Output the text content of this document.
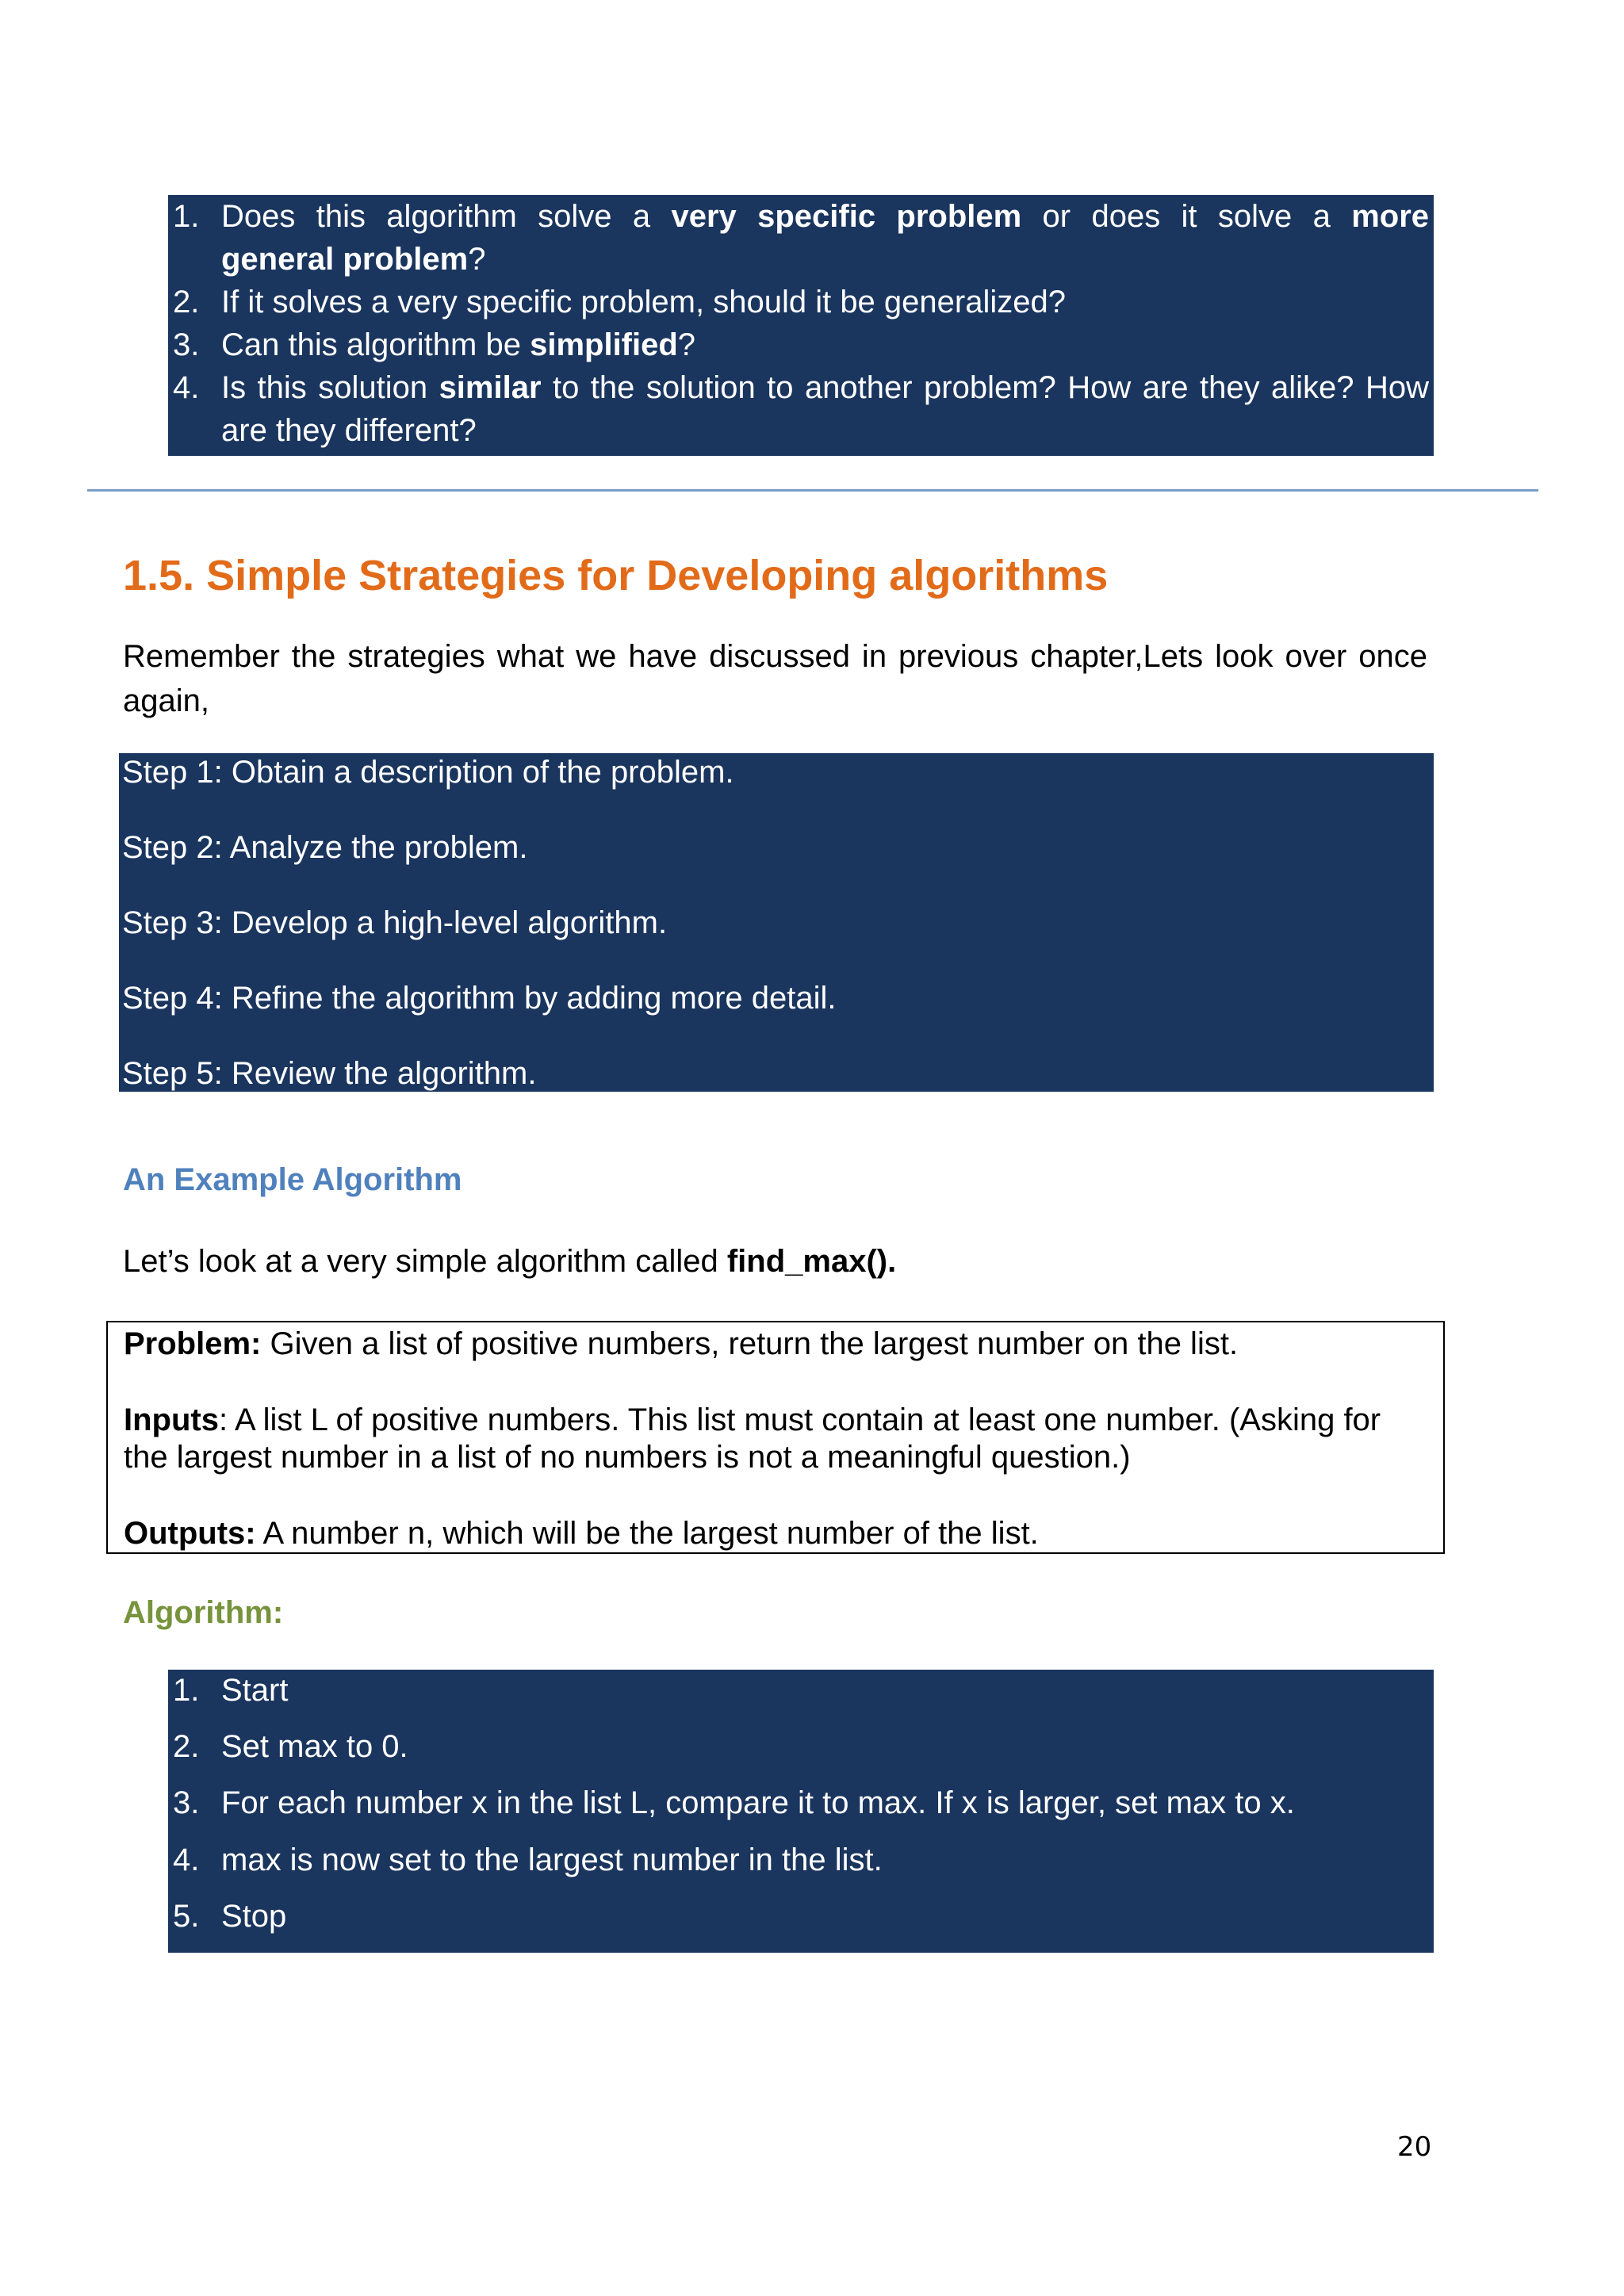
1. Does this algorithm solve a very specific problem or does it solve a more
general problem?
2. If it solves a very specific problem, should it be generalized?
3. Can this algorithm be simplified?
4. Is this solution similar to the solution to another problem? How are they alike? How are they different?
1.5. Simple Strategies for Developing algorithms
Remember the strategies what we have discussed in previous chapter,Lets look over once again,
Step 1: Obtain a description of the problem.
Step 2: Analyze the problem.
Step 3: Develop a high-level algorithm.
Step 4: Refine the algorithm by adding more detail.
Step 5: Review the algorithm.
An Example Algorithm
Let’s look at a very simple algorithm called find_max().
Problem: Given a list of positive numbers, return the largest number on the list.
Inputs: A list L of positive numbers. This list must contain at least one number. (Asking for
the largest number in a list of no numbers is not a meaningful question.)
Outputs: A number n, which will be the largest number of the list.
Algorithm:
1. Start
2. Set max to 0.
3. For each number x in the list L, compare it to max. If x is larger, set max to x.
4. max is now set to the largest number in the list.
5. Stop
20
